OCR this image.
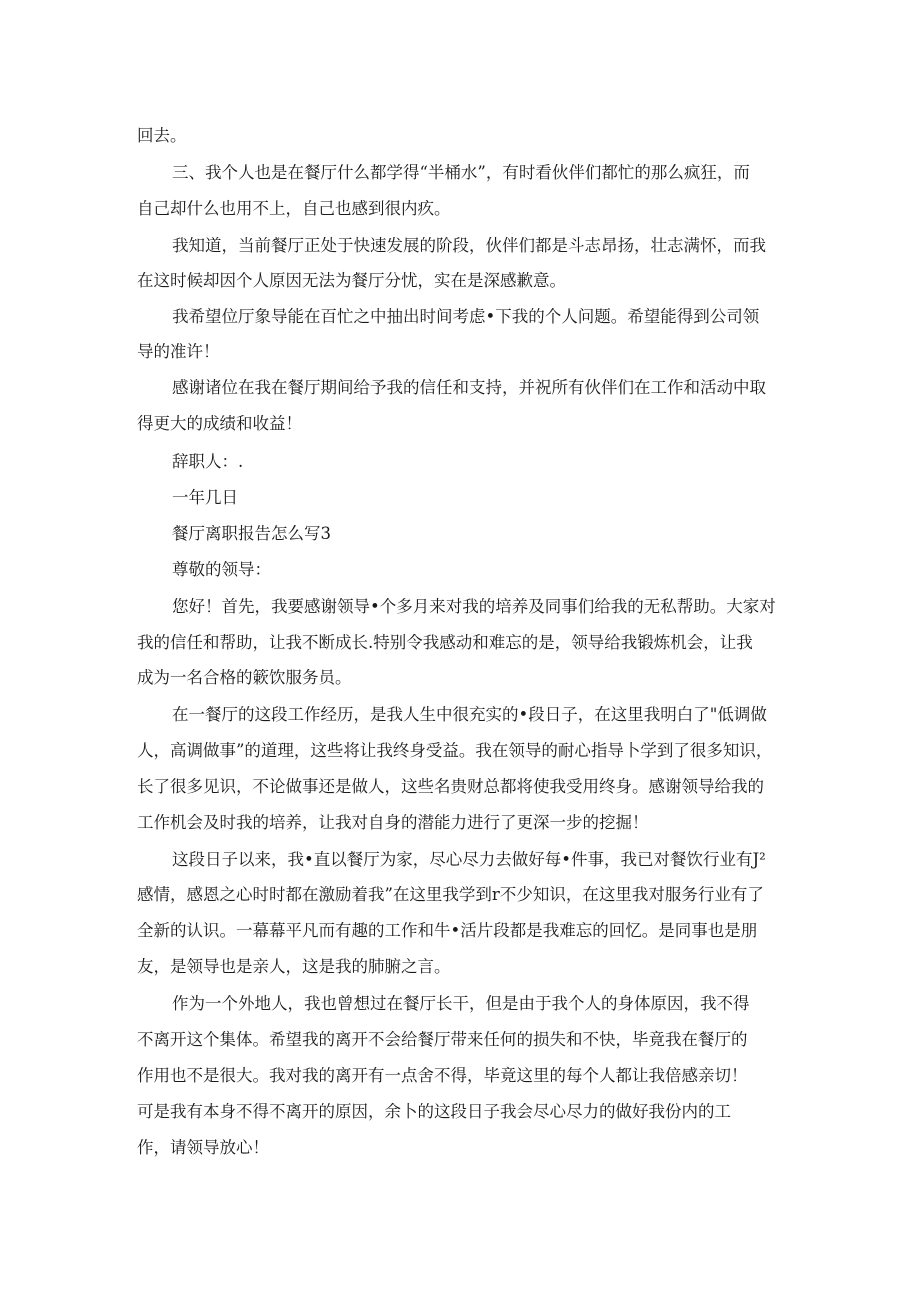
回去。
三、我个人也是在餐厅什么都学得“半桶水”，有时看伙伴们都忙的那么疯狂，而
自己却什么也用不上，自己也感到很内疚。
我知道，当前餐厅正处于快速发展的阶段，伙伴们都是斗志昂扬，壮志满怀，而我
在这时候却因个人原因无法为餐厅分忧，实在是深感歉意。
我希望位厅象导能在百忙之中抽出时间考虑•下我的个人问题。希望能得到公司领
导的准许！
感谢诸位在我在餐厅期间给予我的信任和支持，并祝所有伙伴们在工作和活动中取
得更大的成绩和收益！
辞职人：.
一年几日
餐厅离职报告怎么写3
尊敬的领导：
您好！首先，我要感谢领导•个多月来对我的培养及同事们给我的无私帮助。大家对
我的信任和帮助，让我不断成长.特别令我感动和难忘的是，领导给我锻炼机会，让我
成为一名合格的簌饮服务员。
在一餐厅的这段工作经历，是我人生中很充实的•段日子，在这里我明白了"低调做
人，高调做事”的道理，这些将让我终身受益。我在领导的耐心指导卜学到了很多知识，
长了很多见识，不论做事还是做人，这些名贵财总都将使我受用终身。感谢领导给我的
工作机会及时我的培养，让我对自身的潜能力进行了更深一步的挖掘！
这段日子以来，我•直以餐厅为家，尽心尽力去做好每•件事，我已对餐饮行业有J²
感情，感恩之心时时都在激励着我”在这里我学到r不少知识，在这里我对服务行业有了
全新的认识。一幕幕平凡而有趣的工作和牛•活片段都是我难忘的回忆。是同事也是朋
友，是领导也是亲人，这是我的肺腑之言。
作为一个外地人，我也曾想过在餐厅长干，但是由于我个人的身体原因，我不得
不离开这个集体。希望我的离开不会给餐厅带来任何的损失和不快，毕竟我在餐厅的
作用也不是很大。我对我的离开有一点舍不得，毕竟这里的每个人都让我倍感亲切！
可是我有本身不得不离开的原因，余卜的这段日子我会尽心尽力的做好我份内的工
作，请领导放心！
